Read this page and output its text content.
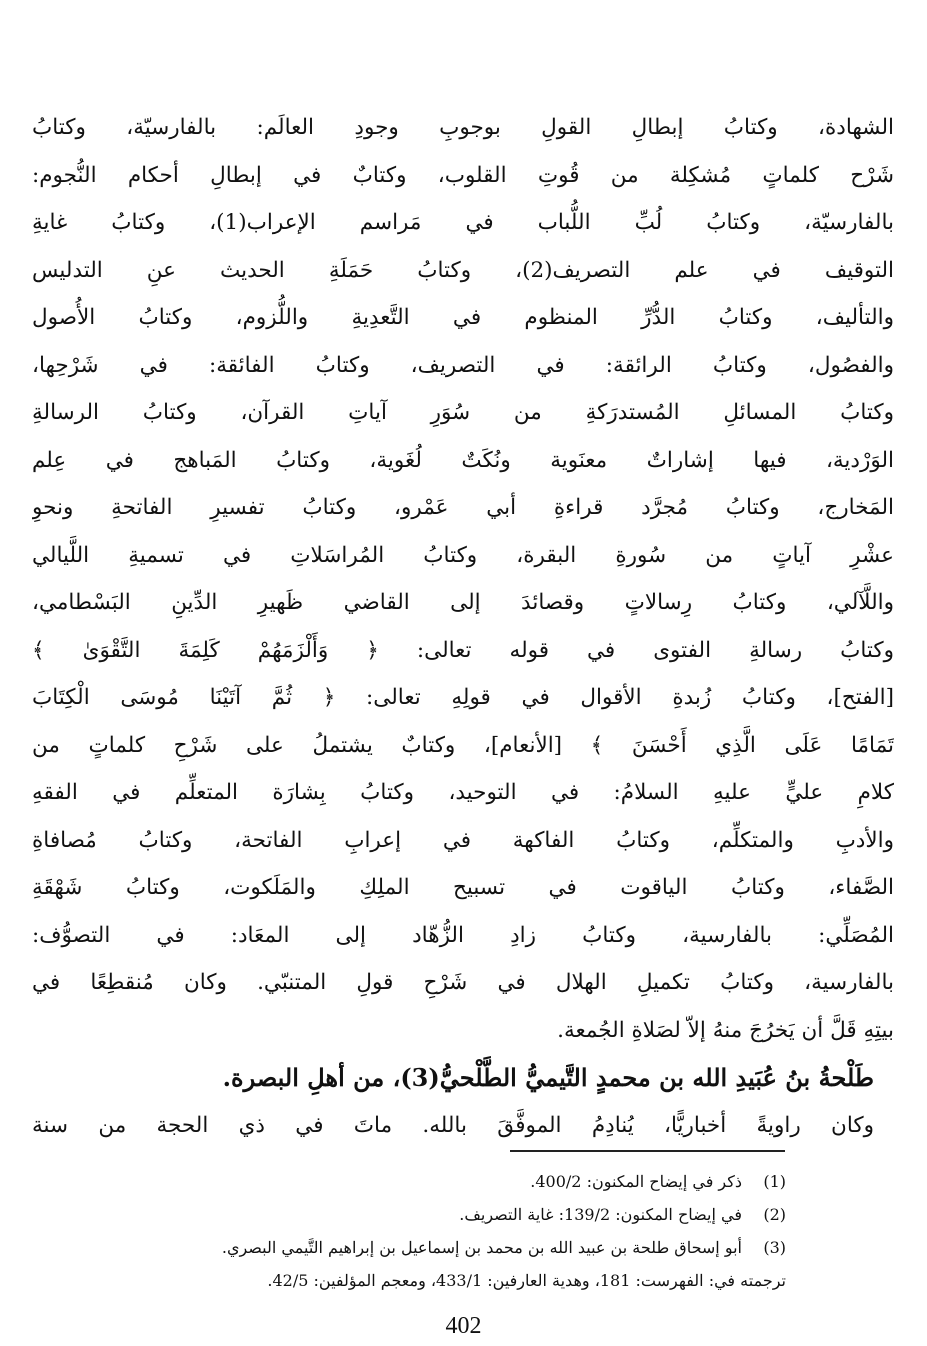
الشهادة، وكتابُ إبطالِ القولِ بوجوبِ وجودِ العالَم: بالفارسيّة، وكتابُ
شَرْح كلماتٍ مُشكِلة من قُوتِ القلوب، وكتابٌ في إبطالِ أحكام النُّجوم:
بالفارسيّة، وكتابُ لُبِّ اللُّباب في مَراسم الإعراب(1)، وكتابُ غايةِ
التوقيف في علم التصريف(2)، وكتابُ حَمَلَةِ الحديث عنِ التدليس
والتأليف، وكتابُ الدُّرِّ المنظوم في التَّعدِيةِ واللُّزوم، وكتابُ الأُصول
والفصُول، وكتابُ الرائقة: في التصريف، وكتابُ الفائقة: في شَرْحِها،
وكتابُ المسائلِ المُستدرَكةِ من سُوَرِ آياتِ القرآن، وكتابُ الرسالةِ
الوَرْدية، فيها إشاراتٌ معنَوية ونُكَتٌ لُغَوية، وكتابُ المَباهج في عِلم
المَخارج، وكتابُ مُجرَّد قراءةِ أبي عَمْرو، وكتابُ تفسيرِ الفاتحةِ ونحوِ
عشْرِ آياتٍ من سُورةِ البقرة، وكتابُ المُراسَلاتِ في تسميةِ اللَّيالي
واللَّآلي، وكتابُ رِسالاتٍ وقصائدَ إلى القاضي ظَهيرِ الدِّينِ البَسْطامي،
وكتابُ رسالةِ الفتوى في قوله تعالى: ﴿ وَأَلْزَمَهُمْ كَلِمَةَ التَّقْوَىٰ ﴾
[الفتح]، وكتابُ زُبدةِ الأقوال في قولِهِ تعالى: ﴿ ثُمَّ آتَيْنَا مُوسَى الْكِتَابَ
تَمَامًا عَلَى الَّذِي أَحْسَنَ ﴾ [الأنعام]، وكتابٌ يشتملُ على شَرْحِ كلماتٍ من
كلامِ عليٍّ عليهِ السلامُ: في التوحيد، وكتابُ بِشارَة المتعلِّم في الفقهِ
والأدبِ والمتكلِّم، وكتابُ الفاكهة في إعرابِ الفاتحة، وكتابُ مُصافاةِ
الصَّفاء، وكتابُ الياقوت في تسبيح الملِكِ والمَلَكوت، وكتابُ شَهْقَةِ
المُصَلِّي: بالفارسية، وكتابُ زادِ الزُّهّاد إلى المعَاد: في التصوُّف:
بالفارسية، وكتابُ تكميلِ الهلال في شَرْحِ قولِ المتنبّي. وكان مُنقطِعًا في
بيتِهِ قَلَّ أن يَخرُجَ منهُ إلاّ لصَلاةِ الجُمعة.
طَلْحةُ بنُ عُبَيدِ الله بن محمدٍ التَّيميُّ الطَّلْحيُّ(3)، من أهلِ البصرة.
وكان راويةً أخباريًّا، يُنادِمُ الموفَّقَ بالله. ماتَ في ذي الحجة من سنة
(1)ذكر في إيضاح المكنون: 400/2.
(2)في إيضاح المكنون: 139/2: غاية التصريف.
(3)أبو إسحاق طلحة بن عبيد الله بن محمد بن إسماعيل بن إبراهيم التَّيمي البصري.
ترجمته في: الفهرست: 181، وهدية العارفين: 433/1، ومعجم المؤلفين: 42/5.
402
